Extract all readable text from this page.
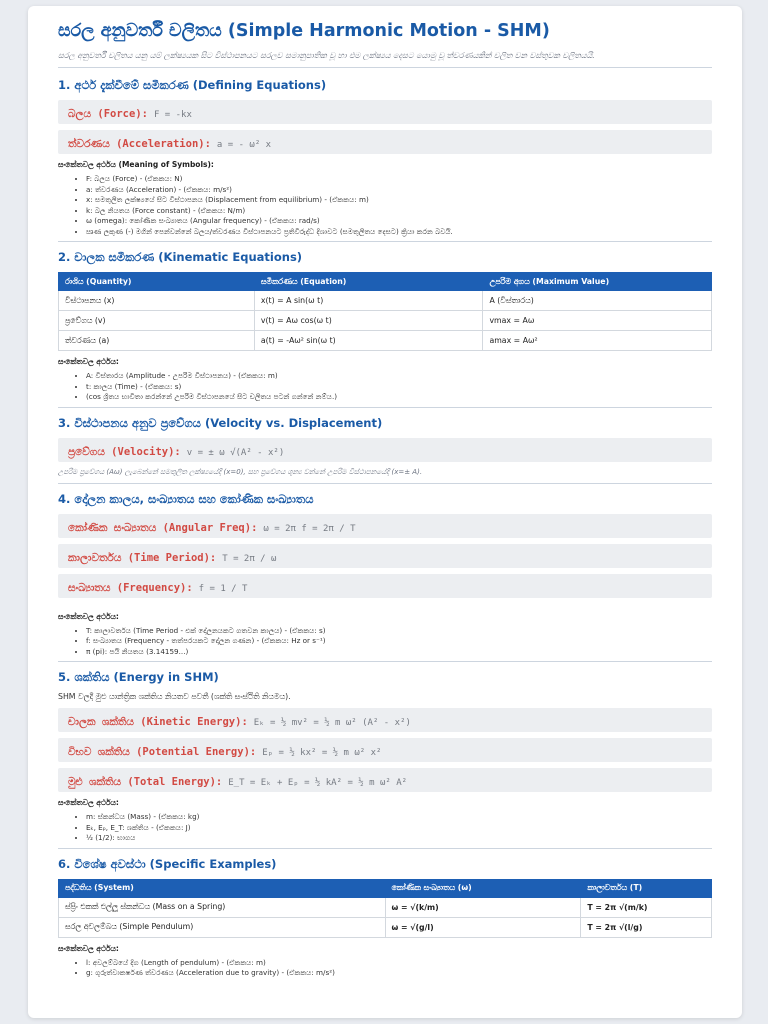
සරල අනුවර්තී චලිතය (Simple Harmonic Motion - SHM)
සරල අනුවර්තී චලිතය යනු යම් ලක්ෂ්‍යයක සිට විස්ථාපනයට සරලව සමානුපාතික වූ හා එම ලක්ෂ්‍යය දෙසට යොමු වූ ත්වරණයකින් චලිත වන වස්තුවක චලිතයයි.
1. අර්ථ දැක්වීමේ සමීකරණ (Defining Equations)
බලය (Force): F = -kx
ත්වරණය (Acceleration): a = - ω² x
සංකේතවල අර්ථය (Meaning of Symbols):
• F: බලය (Force) - (ඒකකය: N)
• a: ත්වරණය (Acceleration) - (ඒකකය: m/s²)
• x: සමතුලිත ලක්ෂ්‍යයේ සිට විස්ථාපනය (Displacement from equilibrium) - (ඒකකය: m)
• k: බල නියතය (Force constant) - (ඒකකය: N/m)
• ω (omega): කෝණික සංඛ්‍යාතය (Angular frequency) - (ඒකකය: rad/s)
• ඍණ ලකුණ (-) මගින් පෙන්වන්නේ බලය/ත්වරණය විස්ථාපනයට ප්‍රතිවිරුද්ධ දිශාවට (සමතුලිතය දෙසට) ක්‍රියා කරන බවයි.
2. චාලක සමීකරණ (Kinematic Equations)
රාශිය (Quantity)	සමීකරණය (Equation)	උපරිම අගය (Maximum Value)
විස්ථාපනය (x)	x(t) = A sin(ω t)	A (විස්තාරය)
ප්‍රවේගය (v)	v(t) = Aω cos(ω t)	vmax = Aω
ත්වරණය (a)	a(t) = -Aω² sin(ω t)	amax = Aω²
සංකේතවල අර්ථය:
• A: විස්තාරය (Amplitude - උපරිම විස්ථාපනය) - (ඒකකය: m)
• t: කාලය (Time) - (ඒකකය: s)
• (cos ශ්‍රිතය භාවිතා කරන්නේ උපරිම විස්ථාපනයේ සිට චලිතය පටන් ගන්නේ නම්ය.)
3. විස්ථාපනය අනුව ප්‍රවේගය (Velocity vs. Displacement)
ප්‍රවේගය (Velocity): v = ± ω √(A² - x²)
උපරිම ප්‍රවේගය (Aω) ලැබෙන්නේ සමතුලිත ලක්ෂ්‍යයේදී (x=0), සහ ප්‍රවේගය ශුන්‍ය වන්නේ උපරිම විස්ථාපනයේදී (x=± A).
4. දෝලන කාලය, සංඛ්‍යාතය සහ කෝණික සංඛ්‍යාතය
කෝණික සංඛ්‍යාතය (Angular Freq): ω = 2π f = 2π / T
කාලාවර්තය (Time Period): T = 2π / ω
සංඛ්‍යාතය (Frequency): f = 1 / T
සංකේතවල අර්ථය:
• T: කාලාවර්තය (Time Period - එක් දෝලනයකට ගතවන කාලය) - (ඒකකය: s)
• f: සංඛ්‍යාතය (Frequency - තත්පරයකට දෝලන ගණන) - (ඒකකය: Hz or s⁻¹)
• π (pi): පයි නියතය (3.14159...)
5. ශක්තිය (Energy in SHM)
SHM වලදී මුළු යාන්ත්‍රික ශක්තිය නියතව පවතී (ශක්ති සංස්ථිති නියමය).
චාලක ශක්තිය (Kinetic Energy): Eₖ = ½ mv² = ½ m ω² (A² - x²)
විභව ශක්තිය (Potential Energy): Eₚ = ½ kx² = ½ m ω² x²
මුළු ශක්තිය (Total Energy): E_T = Eₖ + Eₚ = ½ kA² = ½ m ω² A²
සංකේතවල අර්ථය:
• m: ස්කන්ධය (Mass) - (ඒකකය: kg)
• Eₖ, Eₚ, E_T: ශක්තිය - (ඒකකය: J)
• ½ (1/2): භාගය
6. විශේෂ අවස්ථා (Specific Examples)
පද්ධතිය (System)	කෝණික සංඛ්‍යාතය (ω)	කාලාවර්තය (T)
ස්ප්‍රිං එකක් එල්ලූ ස්කන්ධය (Mass on a Spring)	ω = √(k/m)	T = 2π √(m/k)
සරල අවලම්බය (Simple Pendulum)	ω = √(g/l)	T = 2π √(l/g)
සංකේතවල අර්ථය:
• l: අවලම්බයේ දිග (Length of pendulum) - (ඒකකය: m)
• g: ගුරුත්වාකර්ෂණ ත්වරණය (Acceleration due to gravity) - (ඒකකය: m/s²)
